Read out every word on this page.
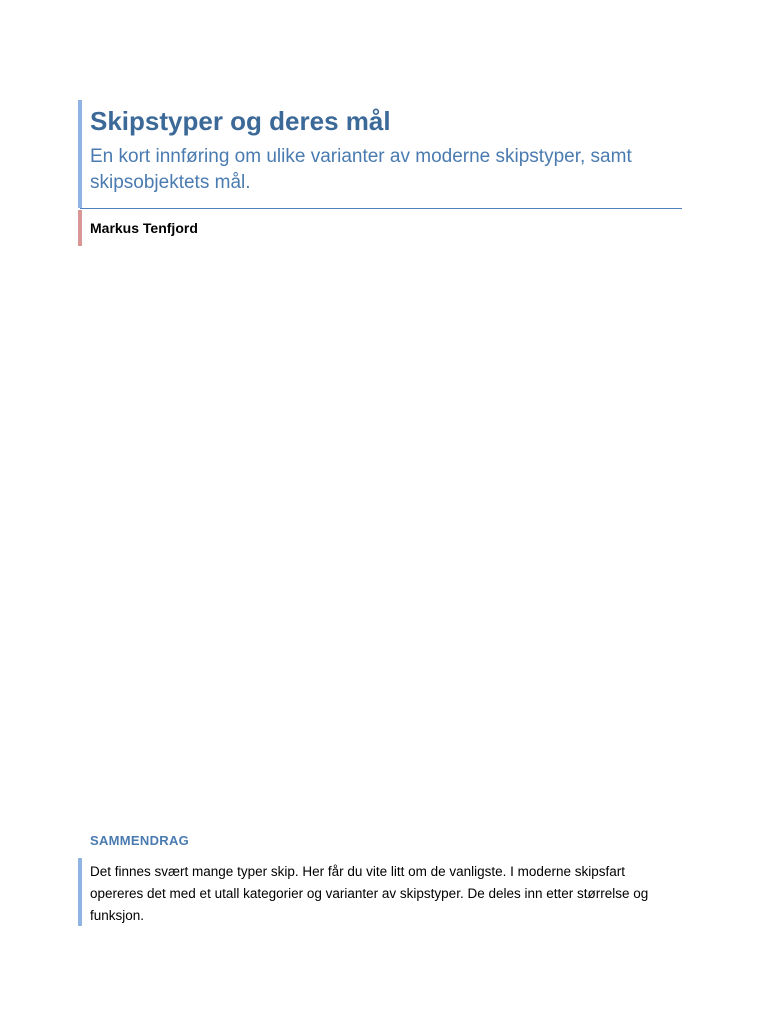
Skipstyper og deres mål

En kort innføring om ulike varianter av moderne skipstyper, samt skipsobjektets mål.

Markus Tenfjord
SAMMENDRAG

Det finnes svært mange typer skip. Her får du vite litt om de vanligste. I moderne skipsfart opereres det med et utall kategorier og varianter av skipstyper. De deles inn etter størrelse og funksjon.
